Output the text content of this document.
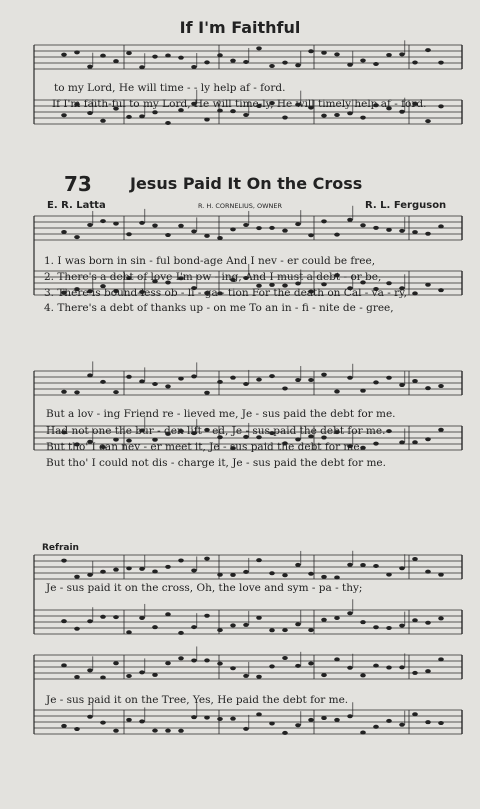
If I'm Faithful
to my Lord, He will time - - ly help af - ford.
If I'm faith-ful to my Lord, He will time-ly, He will timely help af - ford.
73 Jesus Paid It On the Cross
E. R. Latta	R. H. CORNELIUS, OWNER	R. L. Ferguson
1. I was born in sin - ful bond-age And I nev - er could be free,
2. There's a debt of love I'm ow - ing, And I must a debt - or be,
3. There is bound-less ob - li - ga - tion For the death on Cal - va - ry,
4. There's a debt of thanks up - on me To an in - fi - nite de - gree,
But a lov - ing Friend re - lieved me, Je - sus paid the debt for me.
Had not one the bur - den lift - ed, Je - sus paid the debt for me.
But tho' I can nev - er meet it, Je - sus paid the debt for me.
But tho' I could not dis - charge it, Je - sus paid the debt for me.
Refrain
Je - sus paid it on the cross, Oh, the love and sym - pa - thy;
Je - sus paid it on the Tree, Yes, He paid the debt for me.
